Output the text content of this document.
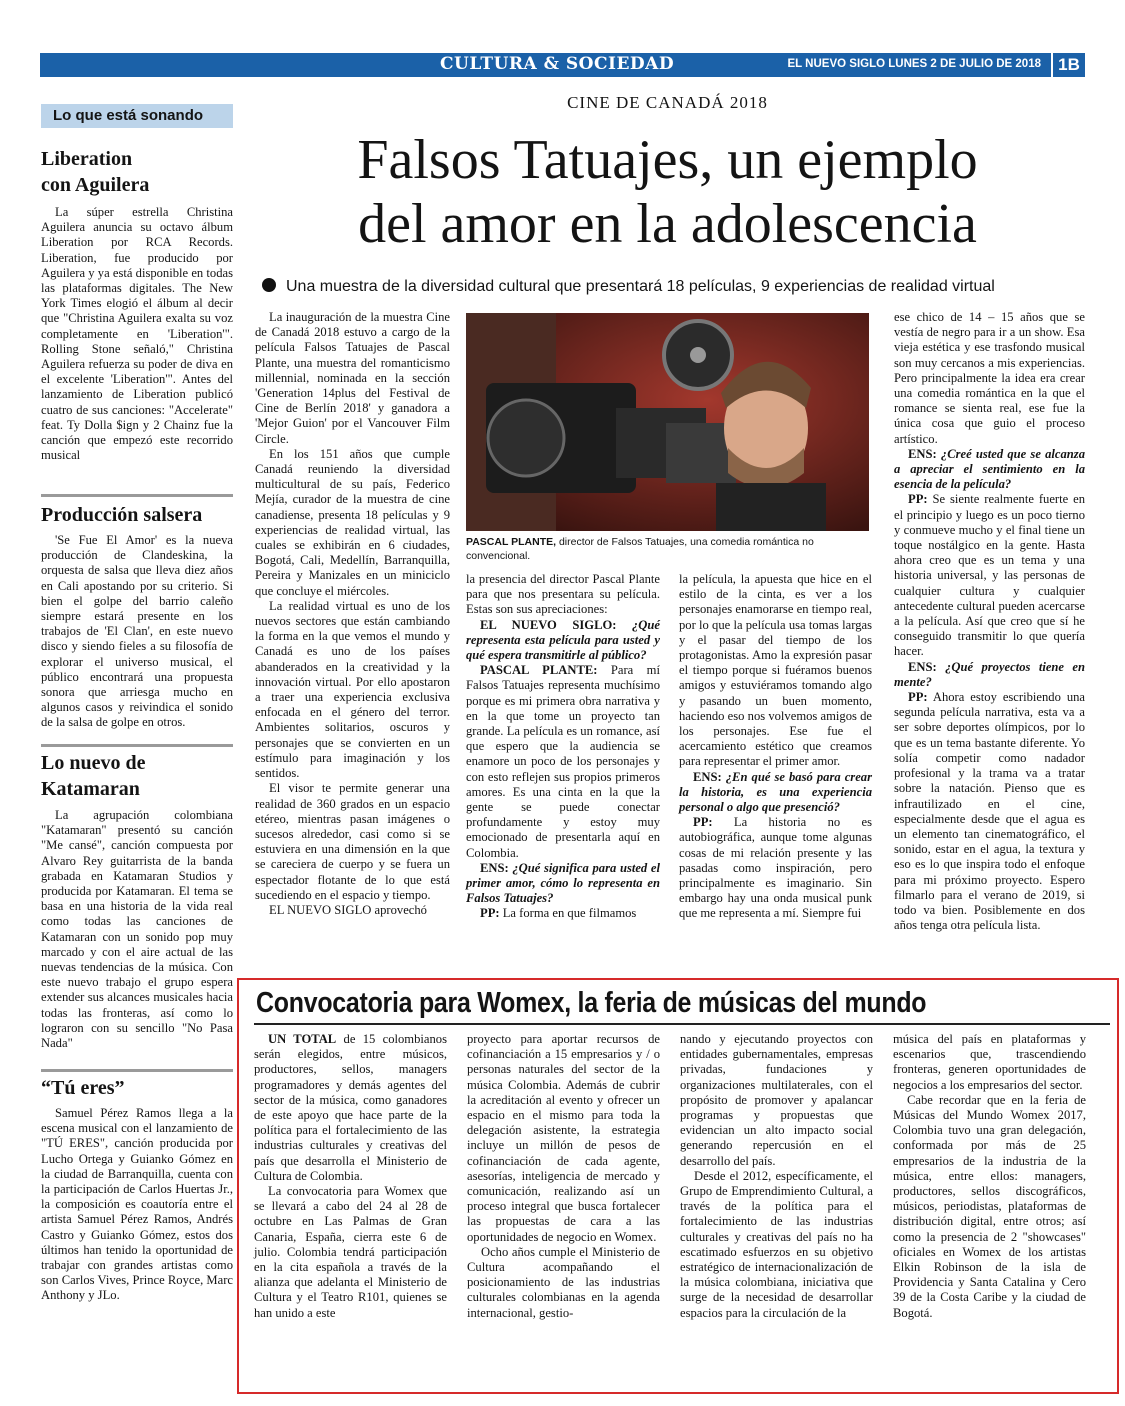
CULTURA & SOCIEDAD	EL NUEVO SIGLO LUNES 2 DE JULIO DE 2018	1B
Lo que está sonando
Liberation
con Aguilera

La súper estrella Christina Aguilera anuncia su octavo álbum Liberation por RCA Records. Liberation, fue producido por Aguilera y ya está disponible en todas las plataformas digitales. The New York Times elogió el álbum al decir que "Christina Aguilera exalta su voz completamente en 'Liberation'". Rolling Stone señaló," Christina Aguilera refuerza su poder de diva en el excelente 'Liberation'". Antes del lanzamiento de Liberation publicó cuatro de sus canciones: "Accelerate" feat. Ty Dolla $ign y 2 Chainz fue la canción que empezó este recorrido musical

Producción salsera

'Se Fue El Amor' es la nueva producción de Clandeskina, la orquesta de salsa que lleva diez años en Cali apostando por su criterio. Si bien el golpe del barrio caleño siempre estará presente en los trabajos de 'El Clan', en este nuevo disco y siendo fieles a su filosofía de explorar el universo musical, el público encontrará una propuesta sonora que arriesga mucho en algunos casos y reivindica el sonido de la salsa de golpe en otros.

Lo nuevo de
Katamaran

La agrupación colombiana "Katamaran" presentó su canción "Me cansé", canción compuesta por Alvaro Rey guitarrista de la banda grabada en Katamaran Studios y producida por Katamaran. El tema se basa en una historia de la vida real como todas las canciones de Katamaran con un sonido pop muy marcado y con el aire actual de las nuevas tendencias de la música. Con este nuevo trabajo el grupo espera extender sus alcances musicales hacia todas las fronteras, así como lo lograron con su sencillo "No Pasa Nada"

“Tú eres”

Samuel Pérez Ramos llega a la escena musical con el lanzamiento de "TÚ ERES", canción producida por Lucho Ortega y Guianko Gómez en la ciudad de Barranquilla, cuenta con la participación de Carlos Huertas Jr., la composición es coautoría entre el artista Samuel Pérez Ramos, Andrés Castro y Guianko Gómez, estos dos últimos han tenido la oportunidad de trabajar con grandes artistas como son Carlos Vives, Prince Royce, Marc Anthony y JLo.

CINE DE CANADÁ 2018
Falsos Tatuajes, un ejemplo
del amor en la adolescencia
Una muestra de la diversidad cultural que presentará 18 películas, 9 experiencias de realidad virtual

La inauguración de la muestra Cine de Canadá 2018 estuvo a cargo de la película Falsos Tatuajes de Pascal Plante, una muestra del romanticismo millennial, nominada en la sección 'Generation 14plus del Festival de Cine de Berlín 2018' y ganadora a 'Mejor Guion' por el Vancouver Film Circle.

En los 151 años que cumple Canadá reuniendo la diversidad multicultural de su país, Federico Mejía, curador de la muestra de cine canadiense, presenta 18 películas y 9 experiencias de realidad virtual, las cuales se exhibirán en 6 ciudades, Bogotá, Cali, Medellín, Barranquilla, Pereira y Manizales en un miniciclo que concluye el miércoles.

La realidad virtual es uno de los nuevos sectores que están cambiando la forma en la que vemos el mundo y Canadá es uno de los países abanderados en la creatividad y la innovación virtual. Por ello apostaron a traer una experiencia exclusiva enfocada en el género del terror. Ambientes solitarios, oscuros y personajes que se convierten en un estímulo para imaginación y los sentidos.

El visor te permite generar una realidad de 360 grados en un espacio etéreo, mientras pasan imágenes o sucesos alrededor, casi como si se estuviera en una dimensión en la que se careciera de cuerpo y se fuera un espectador flotante de lo que está sucediendo en el espacio y tiempo.

EL NUEVO SIGLO aprovechó

PASCAL PLANTE, director de Falsos Tatuajes, una comedia romántica no convencional.

la presencia del director Pascal Plante para que nos presentara su película. Estas son sus apreciaciones:

EL NUEVO SIGLO: ¿Qué representa esta película para usted y qué espera transmitirle al público?

PASCAL PLANTE: Para mí Falsos Tatuajes representa muchísimo porque es mi primera obra narrativa y en la que tome un proyecto tan grande. La película es un romance, así que espero que la audiencia se enamore un poco de los personajes y con esto reflejen sus propios primeros amores. Es una cinta en la que la gente se puede conectar profundamente y estoy muy emocionado de presentarla aquí en Colombia.

ENS: ¿Qué significa para usted el primer amor, cómo lo representa en Falsos Tatuajes?

PP: La forma en que filmamos

la película, la apuesta que hice en el estilo de la cinta, es ver a los personajes enamorarse en tiempo real, por lo que la película usa tomas largas y el pasar del tiempo de los protagonistas. Amo la expresión pasar el tiempo porque si fuéramos buenos amigos y estuviéramos tomando algo y pasando un buen momento, haciendo eso nos volvemos amigos de los personajes. Ese fue el acercamiento estético que creamos para representar el primer amor.

ENS: ¿En qué se basó para crear la historia, es una experiencia personal o algo que presenció?

PP: La historia no es autobiográfica, aunque tome algunas cosas de mi relación presente y las pasadas como inspiración, pero principalmente es imaginario. Sin embargo hay una onda musical punk que me representa a mí. Siempre fui

ese chico de 14 – 15 años que se vestía de negro para ir a un show. Esa vieja estética y ese trasfondo musical son muy cercanos a mis experiencias. Pero principalmente la idea era crear una comedia romántica en la que el romance se sienta real, ese fue la única cosa que guio el proceso artístico.

ENS: ¿Creé usted que se alcanza a apreciar el sentimiento en la esencia de la película?

PP: Se siente realmente fuerte en el principio y luego es un poco tierno y conmueve mucho y el final tiene un toque nostálgico en la gente. Hasta ahora creo que es un tema y una historia universal, y las personas de cualquier cultura y cualquier antecedente cultural pueden acercarse a la película. Así que creo que sí he conseguido transmitir lo que quería hacer.

ENS: ¿Qué proyectos tiene en mente?

PP: Ahora estoy escribiendo una segunda película narrativa, esta va a ser sobre deportes olímpicos, por lo que es un tema bastante diferente. Yo solía competir como nadador profesional y la trama va a tratar sobre la natación. Pienso que es infrautilizado en el cine, especialmente desde que el agua es un elemento tan cinematográfico, el sonido, estar en el agua, la textura y eso es lo que inspira todo el enfoque para mi próximo proyecto. Espero filmarlo para el verano de 2019, si todo va bien. Posiblemente en dos años tenga otra película lista.

Convocatoria para Womex, la feria de músicas del mundo

UN TOTAL de 15 colombianos serán elegidos, entre músicos, productores, sellos, managers programadores y demás agentes del sector de la música, como ganadores de este apoyo que hace parte de la política para el fortalecimiento de las industrias culturales y creativas del país que desarrolla el Ministerio de Cultura de Colombia.

La convocatoria para Womex que se llevará a cabo del 24 al 28 de octubre en Las Palmas de Gran Canaria, España, cierra este 6 de julio. Colombia tendrá participación en la cita española a través de la alianza que adelanta el Ministerio de Cultura y el Teatro R101, quienes se han unido a este

proyecto para aportar recursos de cofinanciación a 15 empresarios y / o personas naturales del sector de la música Colombia. Además de cubrir la acreditación al evento y ofrecer un espacio en el mismo para toda la delegación asistente, la estrategia incluye un millón de pesos de cofinanciación de cada agente, asesorías, inteligencia de mercado y comunicación, realizando así un proceso integral que busca fortalecer las propuestas de cara a las oportunidades de negocio en Womex.

Ocho años cumple el Ministerio de Cultura acompañando el posicionamiento de las industrias culturales colombianas en la agenda internacional, gestio-

nando y ejecutando proyectos con entidades gubernamentales, empresas privadas, fundaciones y organizaciones multilaterales, con el propósito de promover y apalancar programas y propuestas que evidencian un alto impacto social generando repercusión en el desarrollo del país.

Desde el 2012, específicamente, el Grupo de Emprendimiento Cultural, a través de la política para el fortalecimiento de las industrias culturales y creativas del país no ha escatimado esfuerzos en su objetivo estratégico de internacionalización de la música colombiana, iniciativa que surge de la necesidad de desarrollar espacios para la circulación de la

música del país en plataformas y escenarios que, trascendiendo fronteras, generen oportunidades de negocios a los empresarios del sector.

Cabe recordar que en la feria de Músicas del Mundo Womex 2017, Colombia tuvo una gran delegación, conformada por más de 25 empresarios de la industria de la música, entre ellos: managers, productores, sellos discográficos, músicos, periodistas, plataformas de distribución digital, entre otros; así como la presencia de 2 "showcases" oficiales en Womex de los artistas Elkin Robinson de la isla de Providencia y Santa Catalina y Cero 39 de la Costa Caribe y la ciudad de Bogotá.
